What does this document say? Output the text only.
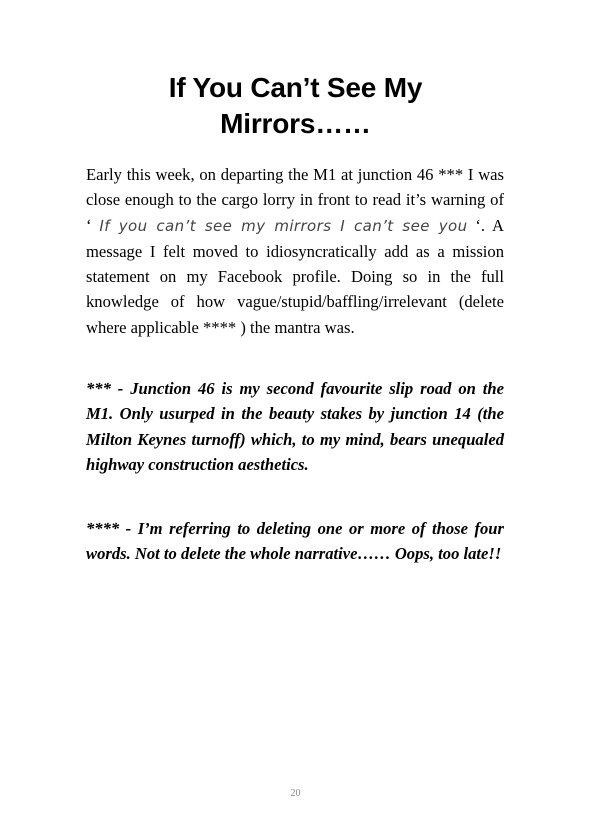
If You Can’t See My
Mirrors……
Early this week, on departing the M1 at junction 46 *** I was close enough to the cargo lorry in front to read it’s warning of ‘ If you can’t see my mirrors I can’t see you ‘. A message I felt moved to idiosyncratically add as a mission statement on my Facebook profile. Doing so in the full knowledge of how vague/stupid/baffling/irrelevant (delete where applicable **** ) the mantra was.
*** - Junction 46 is my second favourite slip road on the M1. Only usurped in the beauty stakes by junction 14 (the Milton Keynes turnoff) which, to my mind, bears unequaled highway construction aesthetics.
**** - I’m referring to deleting one or more of those four words. Not to delete the whole narrative…… Oops, too late!!
20
